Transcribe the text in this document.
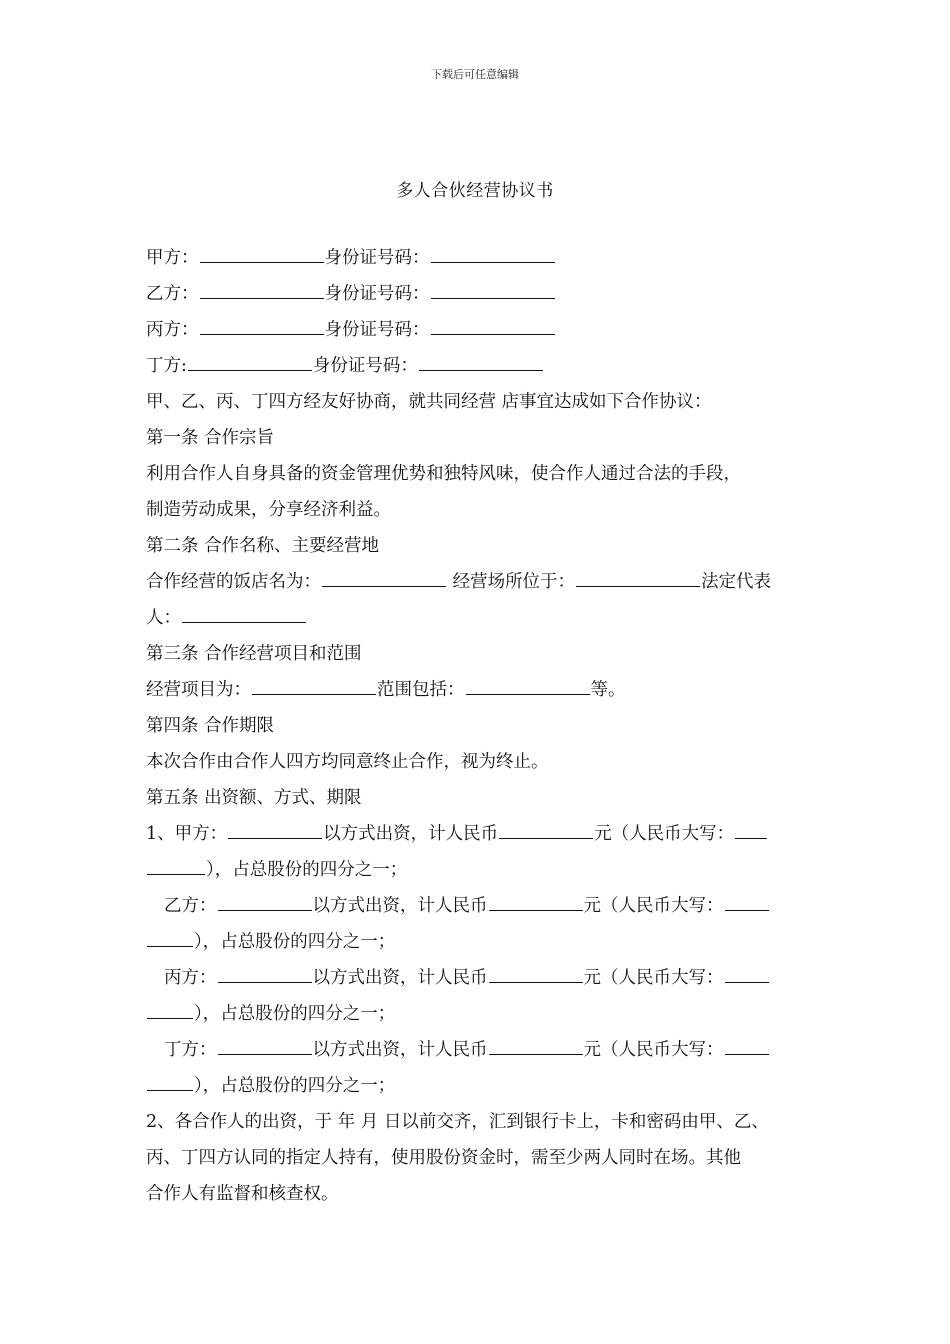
下载后可任意编辑
多人合伙经营协议书
甲方：	身份证号码：
乙方：	身份证号码：
丙方：	身份证号码：
丁方:	身份证号码：
甲、乙、丙、丁四方经友好协商，就共同经营 店事宜达成如下合作协议：
第一条 合作宗旨
利用合作人自身具备的资金管理优势和独特风味，使合作人通过合法的手段，
制造劳动成果，分享经济利益。
第二条 合作名称、主要经营地
合作经营的饭店名为：	经营场所位于：	法定代表
人：
第三条 合作经营项目和范围
经营项目为：	范围包括：	等。
第四条 合作期限
本次合作由合作人四方均同意终止合作，视为终止。
第五条 出资额、方式、期限
1、甲方：	以方式出资，计人民币	元（人民币大写：
），占总股份的四分之一；
乙方：	以方式出资，计人民币	元（人民币大写：
），占总股份的四分之一；
丙方：	以方式出资，计人民币	元（人民币大写：
），占总股份的四分之一；
丁方：	以方式出资，计人民币	元（人民币大写：
），占总股份的四分之一；
2、各合作人的出资，于 年 月 日以前交齐，汇到银行卡上，卡和密码由甲、乙、
丙、丁四方认同的指定人持有，使用股份资金时，需至少两人同时在场。其他
合作人有监督和核查权。
